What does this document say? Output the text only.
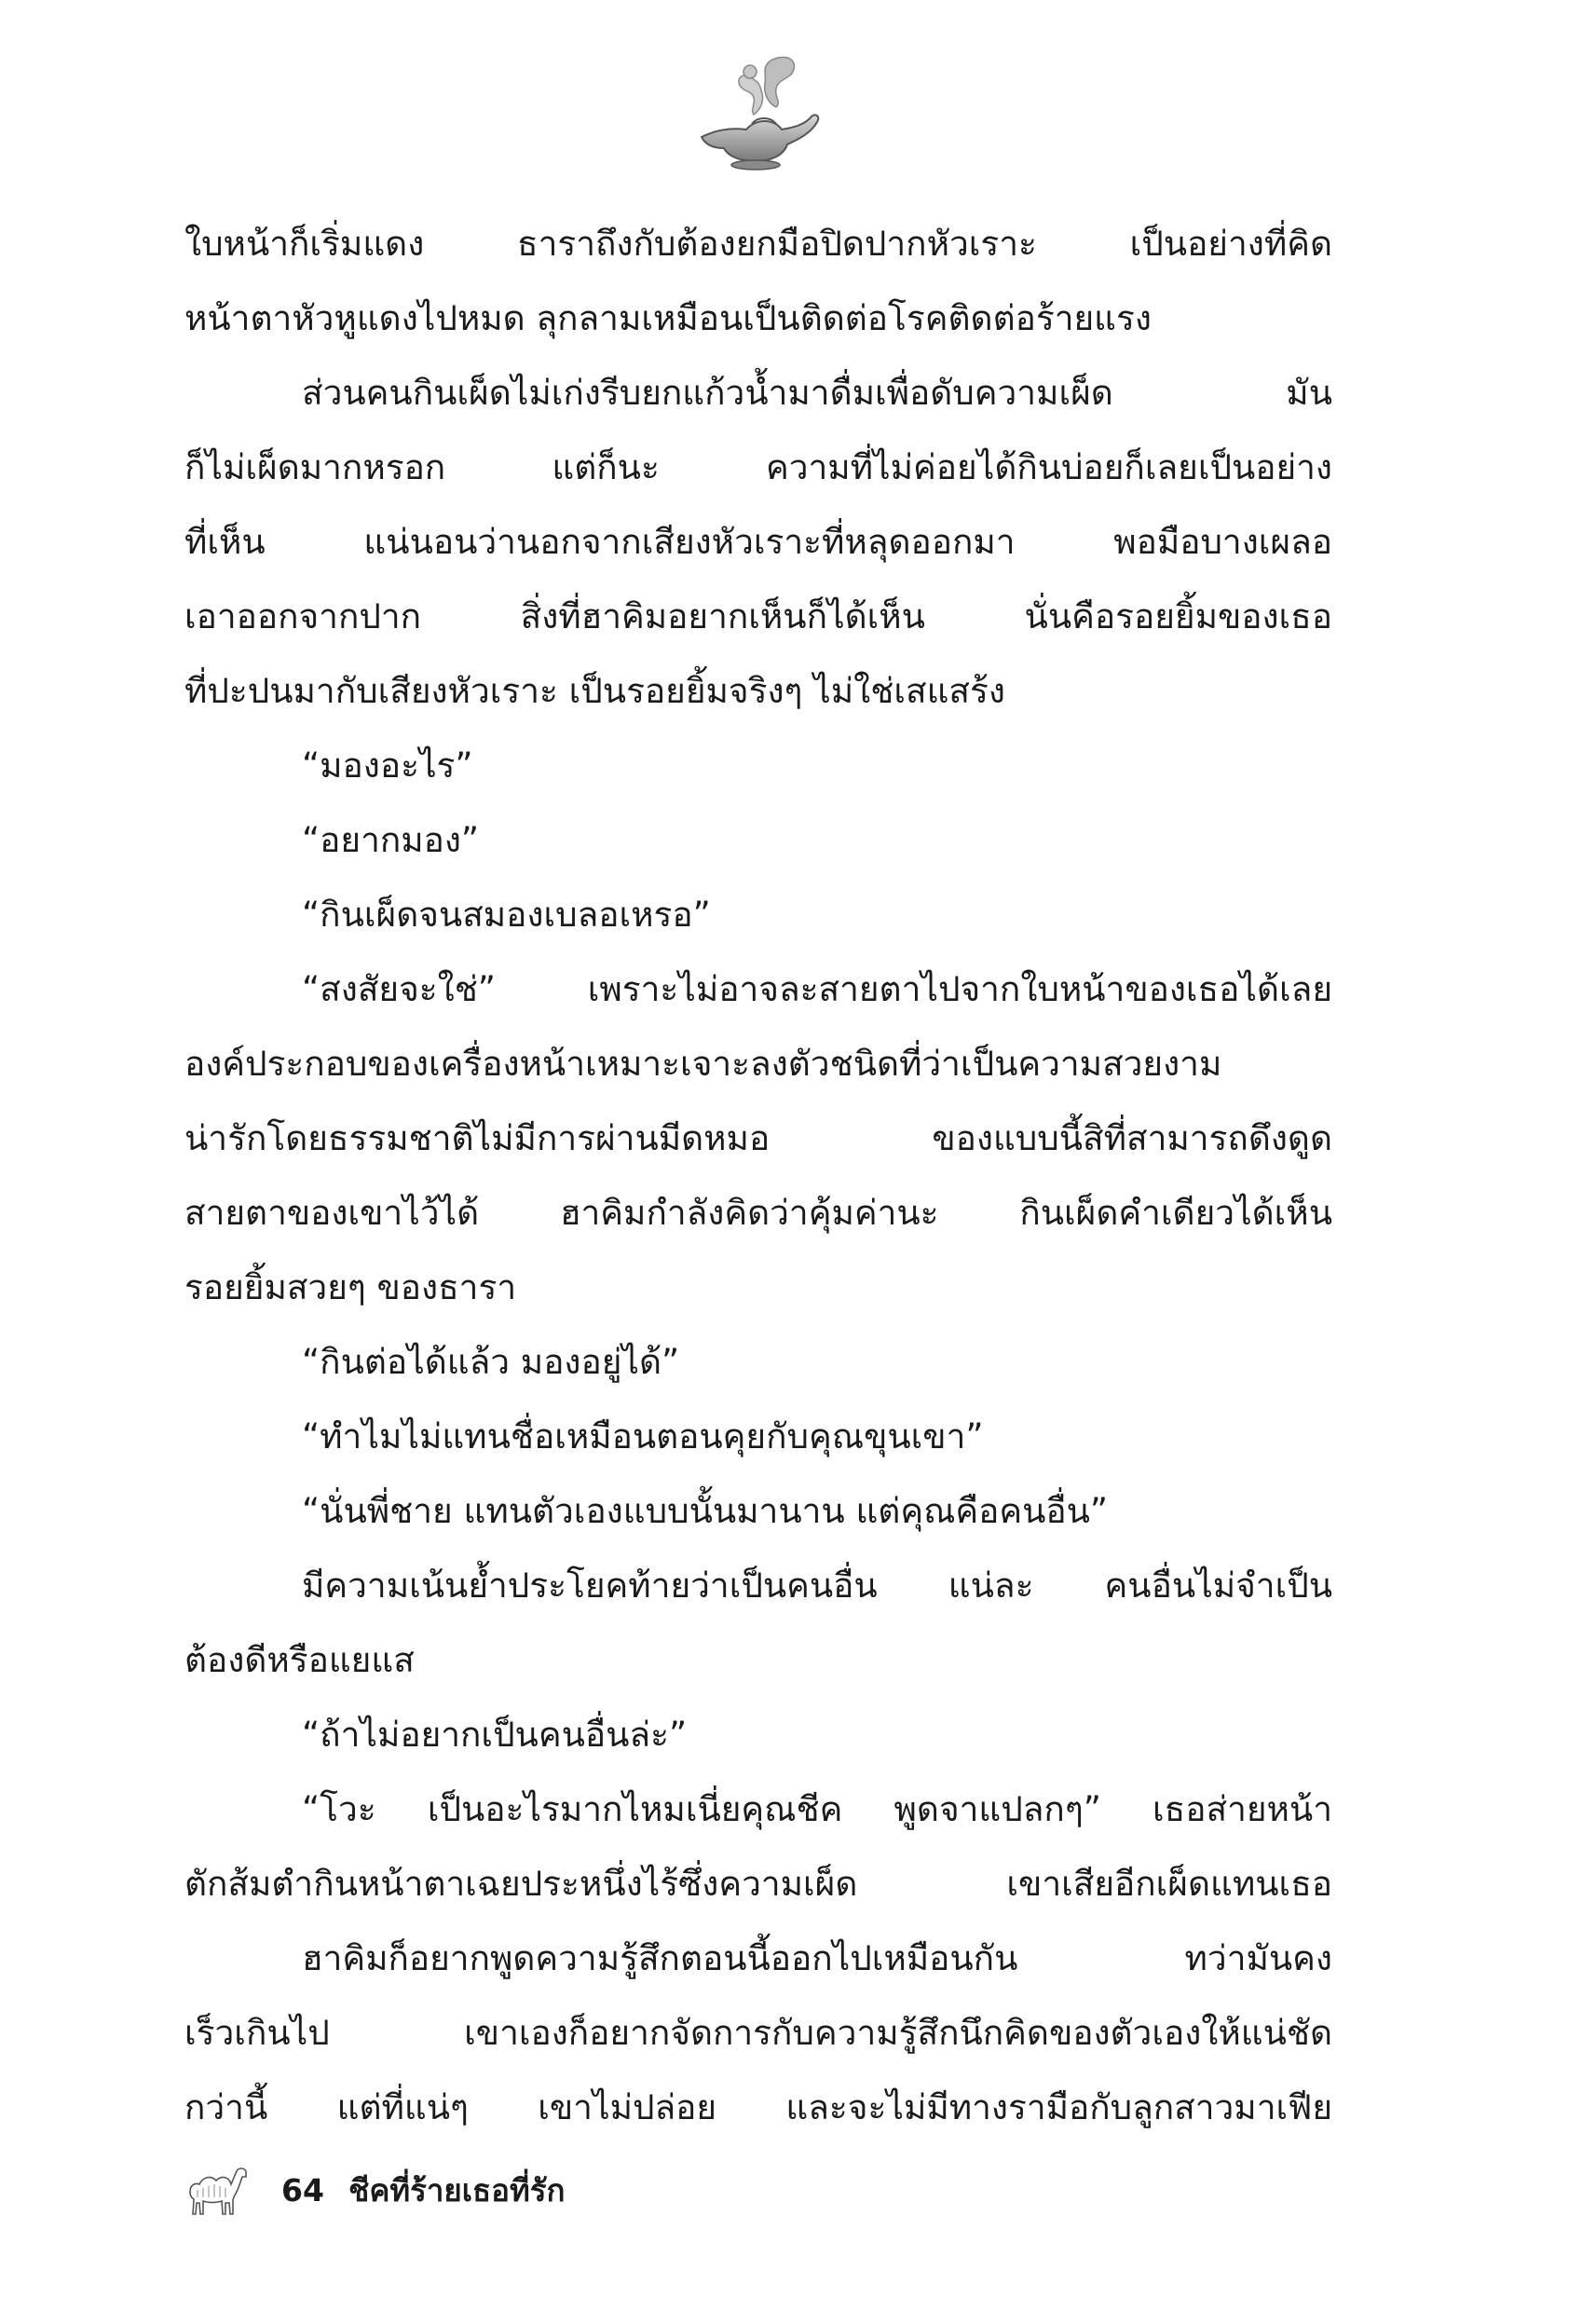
ใบหน้าก็เริ่มแดง ธาราถึงกับต้องยกมือปิดปากหัวเราะ เป็นอย่างที่คิด
หน้าตาหัวหูแดงไปหมด ลุกลามเหมือนเป็นติดต่อโรคติดต่อร้ายแรง
ส่วนคนกินเผ็ดไม่เก่งรีบยกแก้วน้ำมาดื่มเพื่อดับความเผ็ด มัน
ก็ไม่เผ็ดมากหรอก แต่ก็นะ ความที่ไม่ค่อยได้กินบ่อยก็เลยเป็นอย่าง
ที่เห็น แน่นอนว่านอกจากเสียงหัวเราะที่หลุดออกมา พอมือบางเผลอ
เอาออกจากปาก สิ่งที่ฮาคิมอยากเห็นก็ได้เห็น นั่นคือรอยยิ้มของเธอ
ที่ปะปนมากับเสียงหัวเราะ เป็นรอยยิ้มจริงๆ ไม่ใช่เสแสร้ง
“มองอะไร”
“อยากมอง”
“กินเผ็ดจนสมองเบลอเหรอ”
“สงสัยจะใช่” เพราะไม่อาจละสายตาไปจากใบหน้าของเธอได้เลย
องค์ประกอบของเครื่องหน้าเหมาะเจาะลงตัวชนิดที่ว่าเป็นความสวยงาม
น่ารักโดยธรรมชาติไม่มีการผ่านมีดหมอ ของแบบนี้สิที่สามารถดึงดูด
สายตาของเขาไว้ได้ ฮาคิมกำลังคิดว่าคุ้มค่านะ กินเผ็ดคำเดียวได้เห็น
รอยยิ้มสวยๆ ของธารา
“กินต่อได้แล้ว มองอยู่ได้”
“ทำไมไม่แทนชื่อเหมือนตอนคุยกับคุณขุนเขา”
“นั่นพี่ชาย แทนตัวเองแบบนั้นมานาน แต่คุณคือคนอื่น”
มีความเน้นย้ำประโยคท้ายว่าเป็นคนอื่น แน่ละ คนอื่นไม่จำเป็น
ต้องดีหรือแยแส
“ถ้าไม่อยากเป็นคนอื่นล่ะ”
“โวะ เป็นอะไรมากไหมเนี่ยคุณชีค พูดจาแปลกๆ” เธอส่ายหน้า
ตักส้มตำกินหน้าตาเฉยประหนึ่งไร้ซึ่งความเผ็ด เขาเสียอีกเผ็ดแทนเธอ
ฮาคิมก็อยากพูดความรู้สึกตอนนี้ออกไปเหมือนกัน ทว่ามันคง
เร็วเกินไป เขาเองก็อยากจัดการกับความรู้สึกนึกคิดของตัวเองให้แน่ชัด
กว่านี้ แต่ที่แน่ๆ เขาไม่ปล่อย และจะไม่มีทางรามือกับลูกสาวมาเฟีย
64 ชีคที่ร้ายเธอที่รัก
